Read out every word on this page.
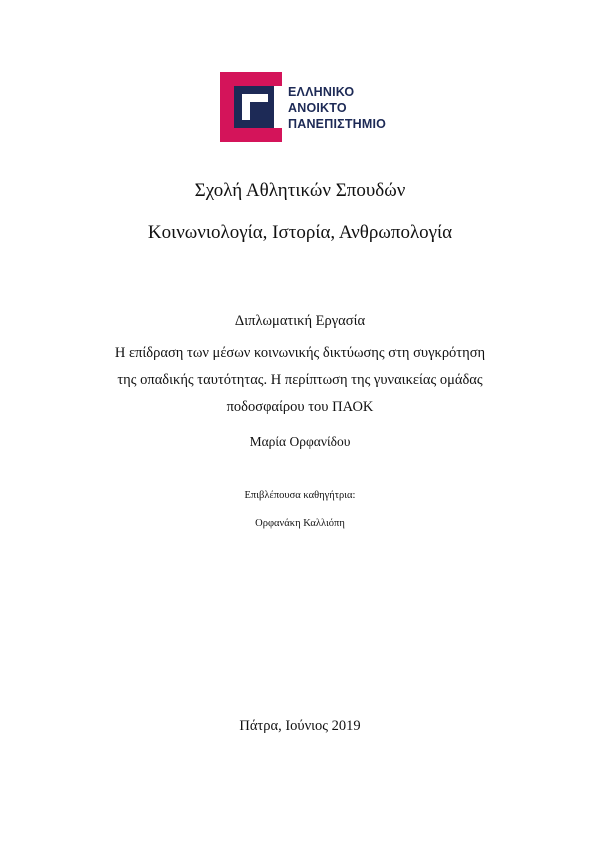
ΕΛΛΗΝΙΚΟ
ΑΝΟΙΚΤΟ
ΠΑΝΕΠΙΣΤΗΜΙΟ
Σχολή Αθλητικών Σπουδών
Κοινωνιολογία, Ιστορία, Ανθρωπολογία
Διπλωματική Εργασία
Η επίδραση των μέσων κοινωνικής δικτύωσης στη συγκρότηση
της οπαδικής ταυτότητας. Η περίπτωση της γυναικείας ομάδας
ποδοσφαίρου του ΠΑΟΚ
Μαρία Ορφανίδου
Επιβλέπουσα καθηγήτρια:
Ορφανάκη Καλλιόπη
Πάτρα, Ιούνιος 2019
